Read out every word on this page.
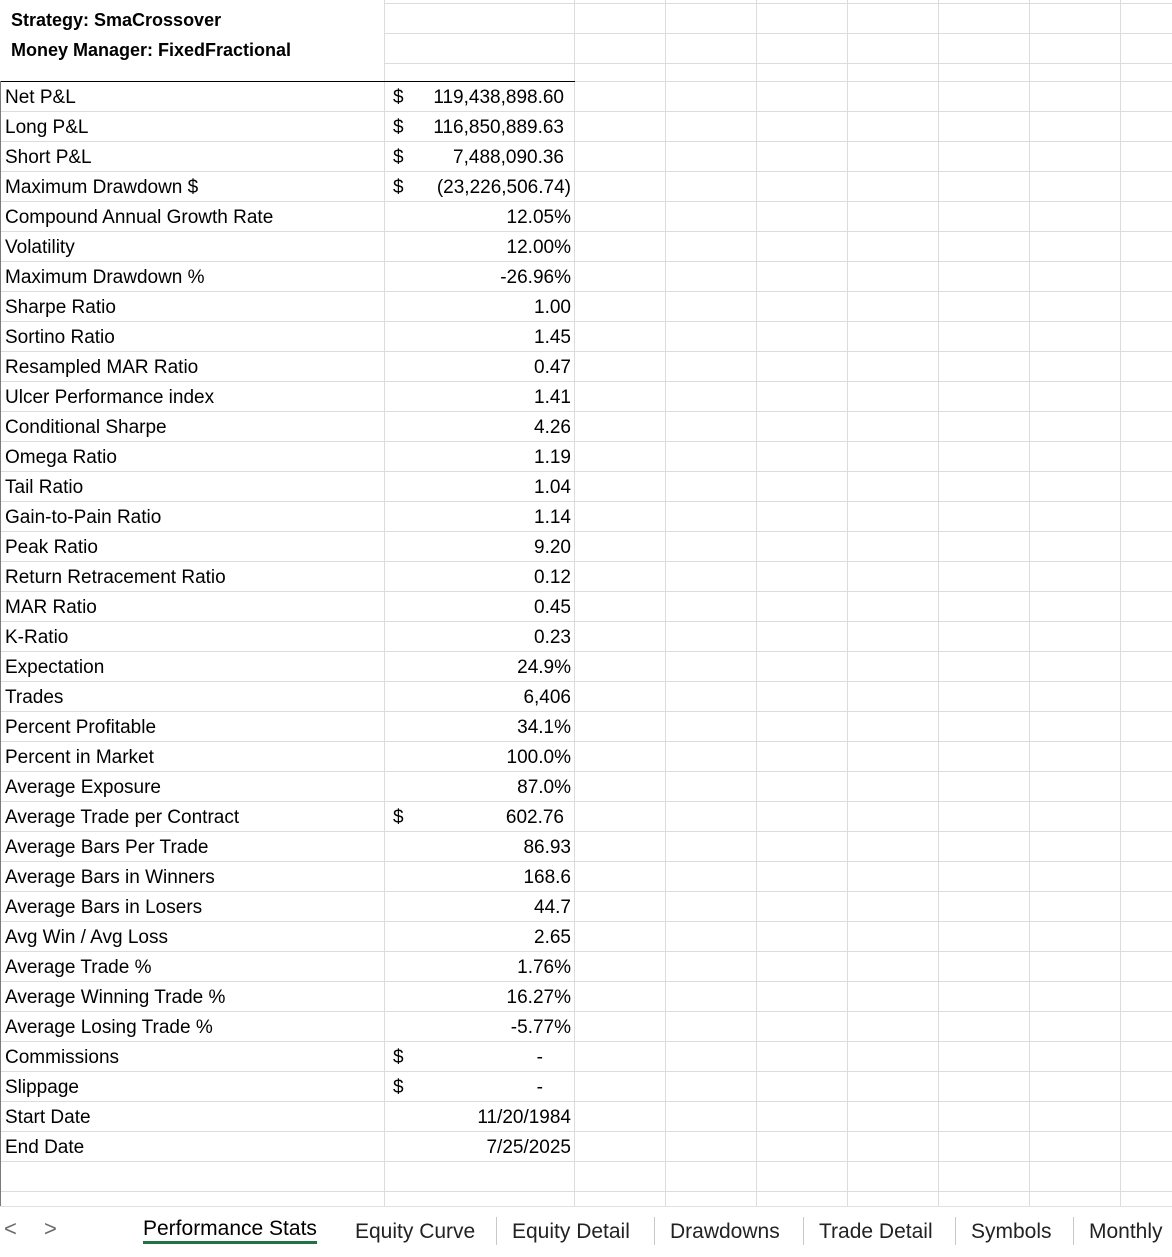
Strategy: SmaCrossover
Money Manager: FixedFractional
Net P&L	$ 119,438,898.60
Long P&L	$ 116,850,889.63
Short P&L	$	7,488,090.36
Maximum Drawdown $	$ (23,226,506.74)
Compound Annual Growth Rate	12.05%
Volatility	12.00%
Maximum Drawdown %	-26.96%
Sharpe Ratio	1.00
Sortino Ratio	1.45
Resampled MAR Ratio	0.47
Ulcer Performance index	1.41
Conditional Sharpe	4.26
Omega Ratio	1.19
Tail Ratio	1.04
Gain-to-Pain Ratio	1.14
Peak Ratio	9.20
Return Retracement Ratio	0.12
MAR Ratio	0.45
K-Ratio	0.23
Expectation	24.9%
Trades	6,406
Percent Profitable	34.1%
Percent in Market	100.0%
Average Exposure	87.0%
Average Trade per Contract	$	602.76
Average Bars Per Trade	86.93
Average Bars in Winners	168.6
Average Bars in Losers	44.7
Avg Win / Avg Loss	2.65
Average Trade %	1.76%
Average Winning Trade %	16.27%
Average Losing Trade %	-5.77%
Commissions	$	-
Slippage	$	-
Start Date	11/20/1984
End Date	7/25/2025
< >	Performance Stats	Equity Curve	Equity Detail	Drawdowns	Trade Detail	Symbols	Monthly
